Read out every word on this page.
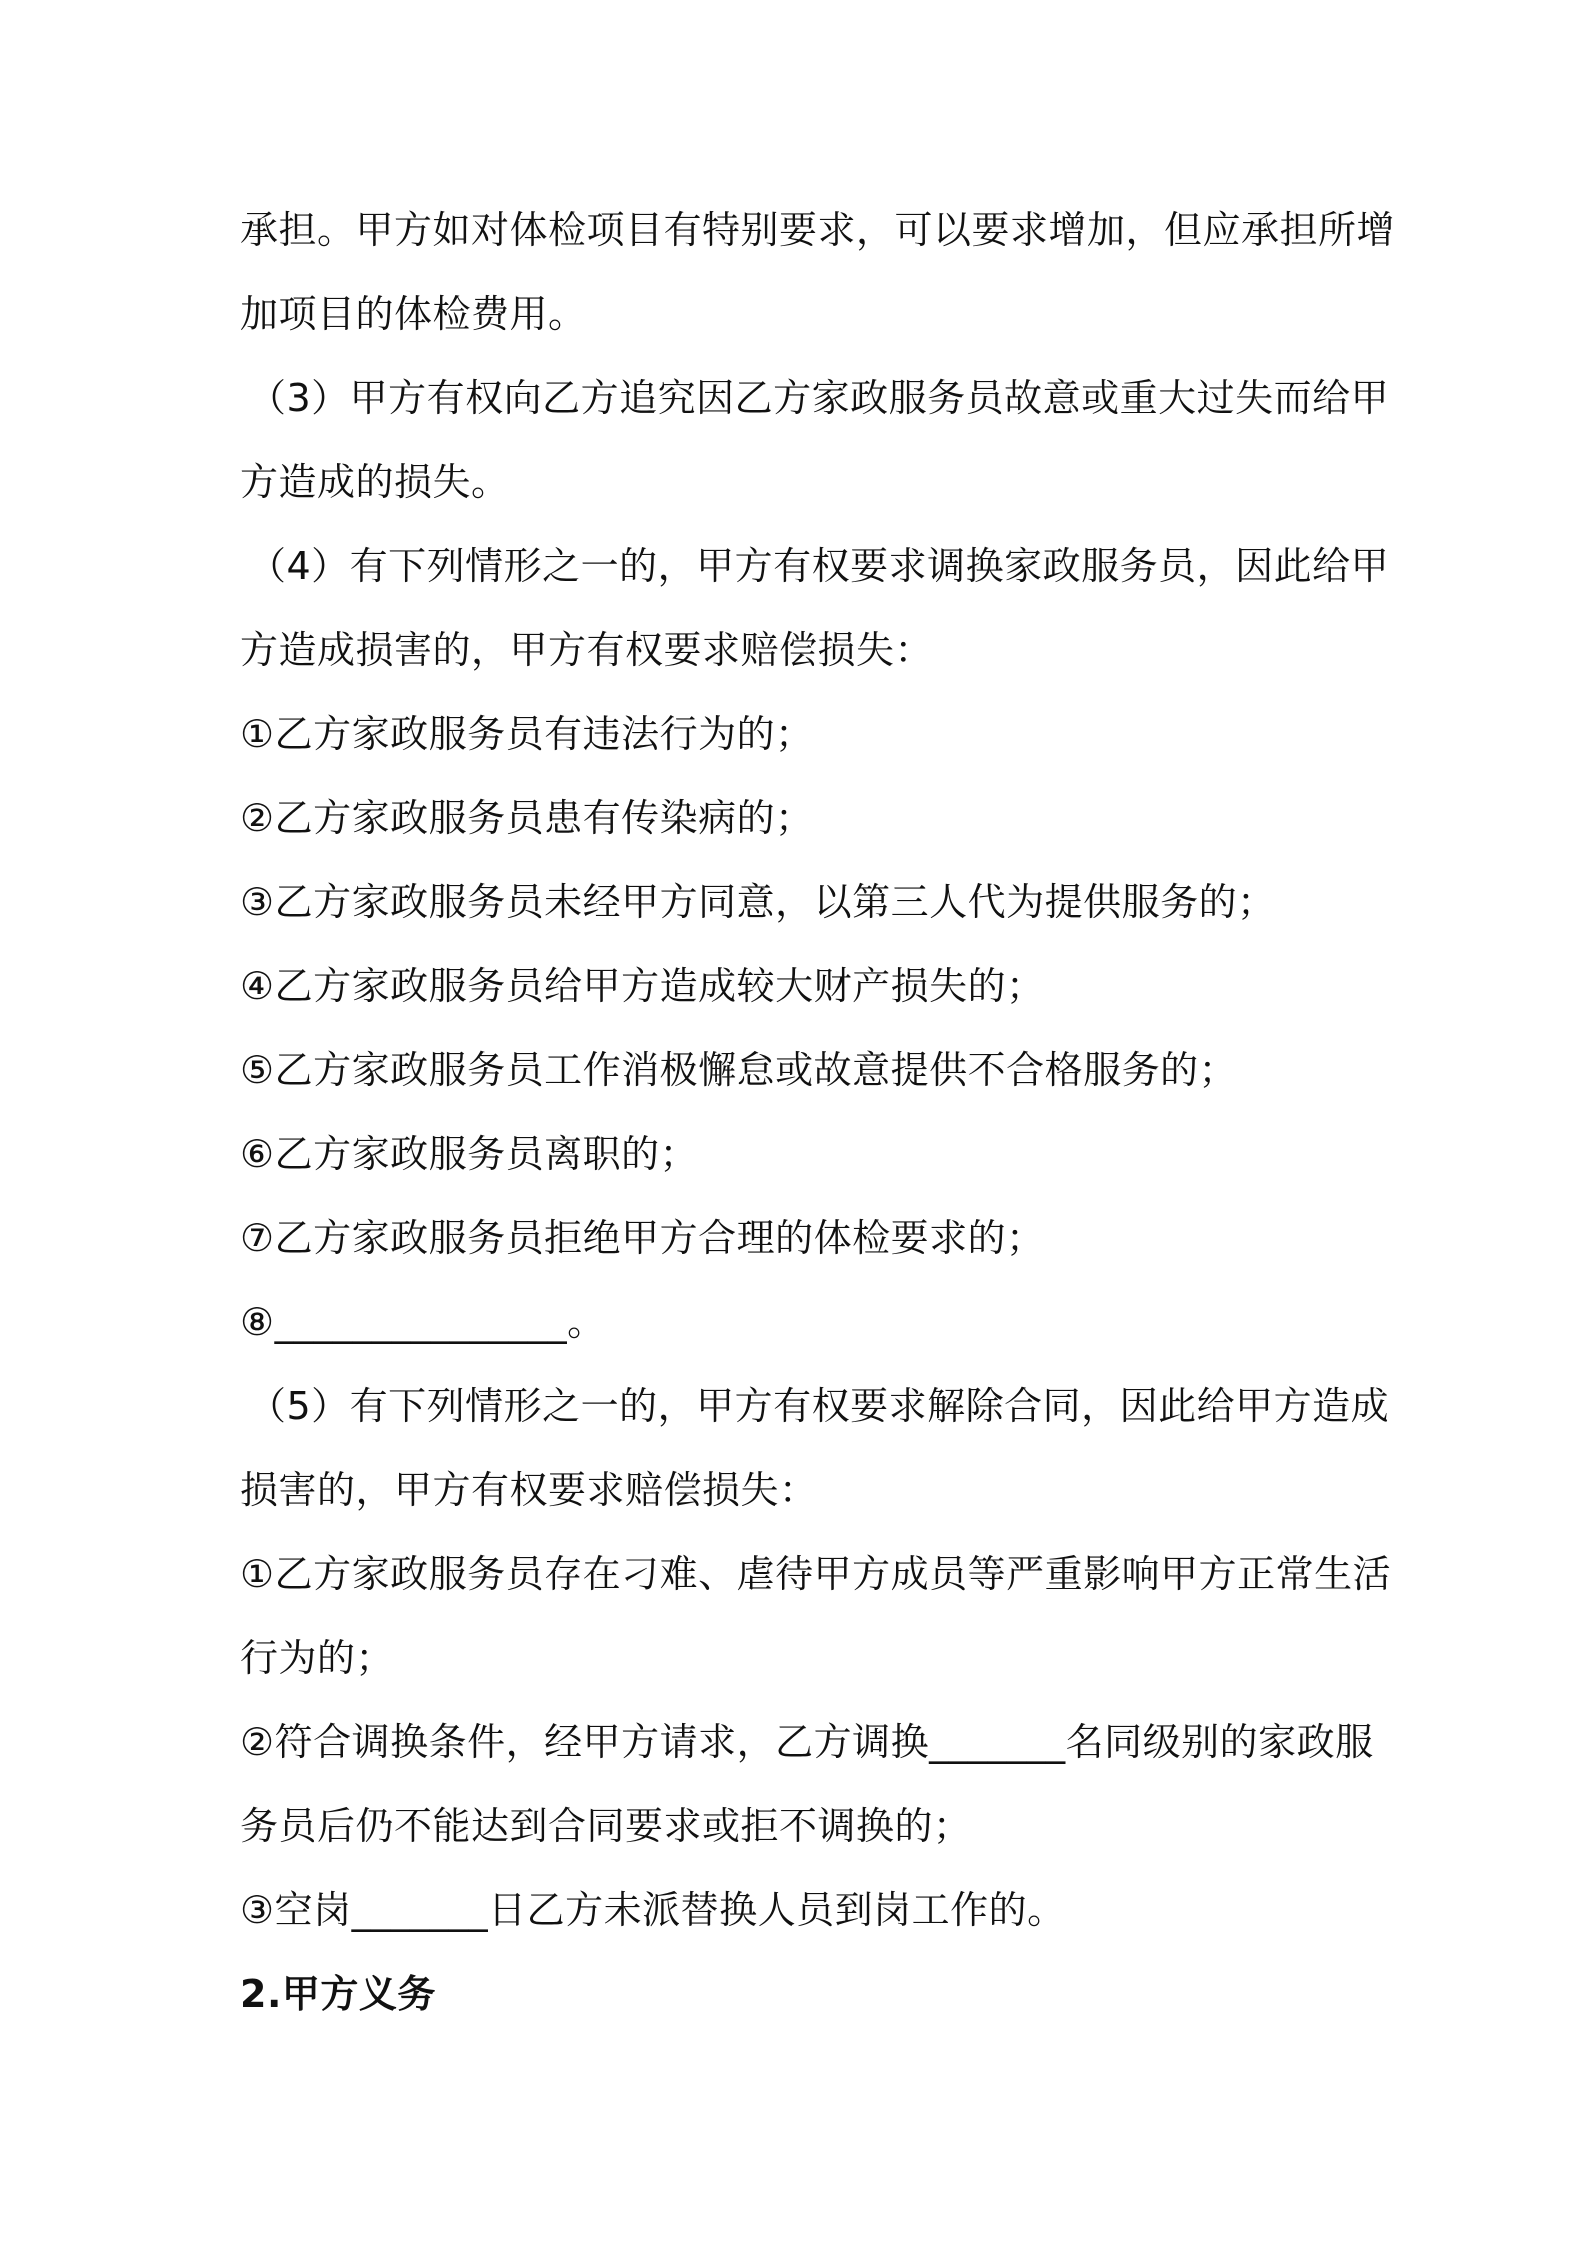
承担。甲方如对体检项目有特别要求，可以要求增加，但应承担所增
加项目的体检费用。
（3）甲方有权向乙方追究因乙方家政服务员故意或重大过失而给甲
方造成的损失。
（4）有下列情形之一的，甲方有权要求调换家政服务员，因此给甲
方造成损害的，甲方有权要求赔偿损失：
①乙方家政服务员有违法行为的；
②乙方家政服务员患有传染病的；
③乙方家政服务员未经甲方同意，以第三人代为提供服务的；
④乙方家政服务员给甲方造成较大财产损失的；
⑤乙方家政服务员工作消极懈怠或故意提供不合格服务的；
⑥乙方家政服务员离职的；
⑦乙方家政服务员拒绝甲方合理的体检要求的；
⑧_______________。
（5）有下列情形之一的，甲方有权要求解除合同，因此给甲方造成
损害的，甲方有权要求赔偿损失：
①乙方家政服务员存在刁难、虐待甲方成员等严重影响甲方正常生活
行为的；
②符合调换条件，经甲方请求，乙方调换_______名同级别的家政服
务员后仍不能达到合同要求或拒不调换的；
③空岗_______日乙方未派替换人员到岗工作的。
2.甲方义务
